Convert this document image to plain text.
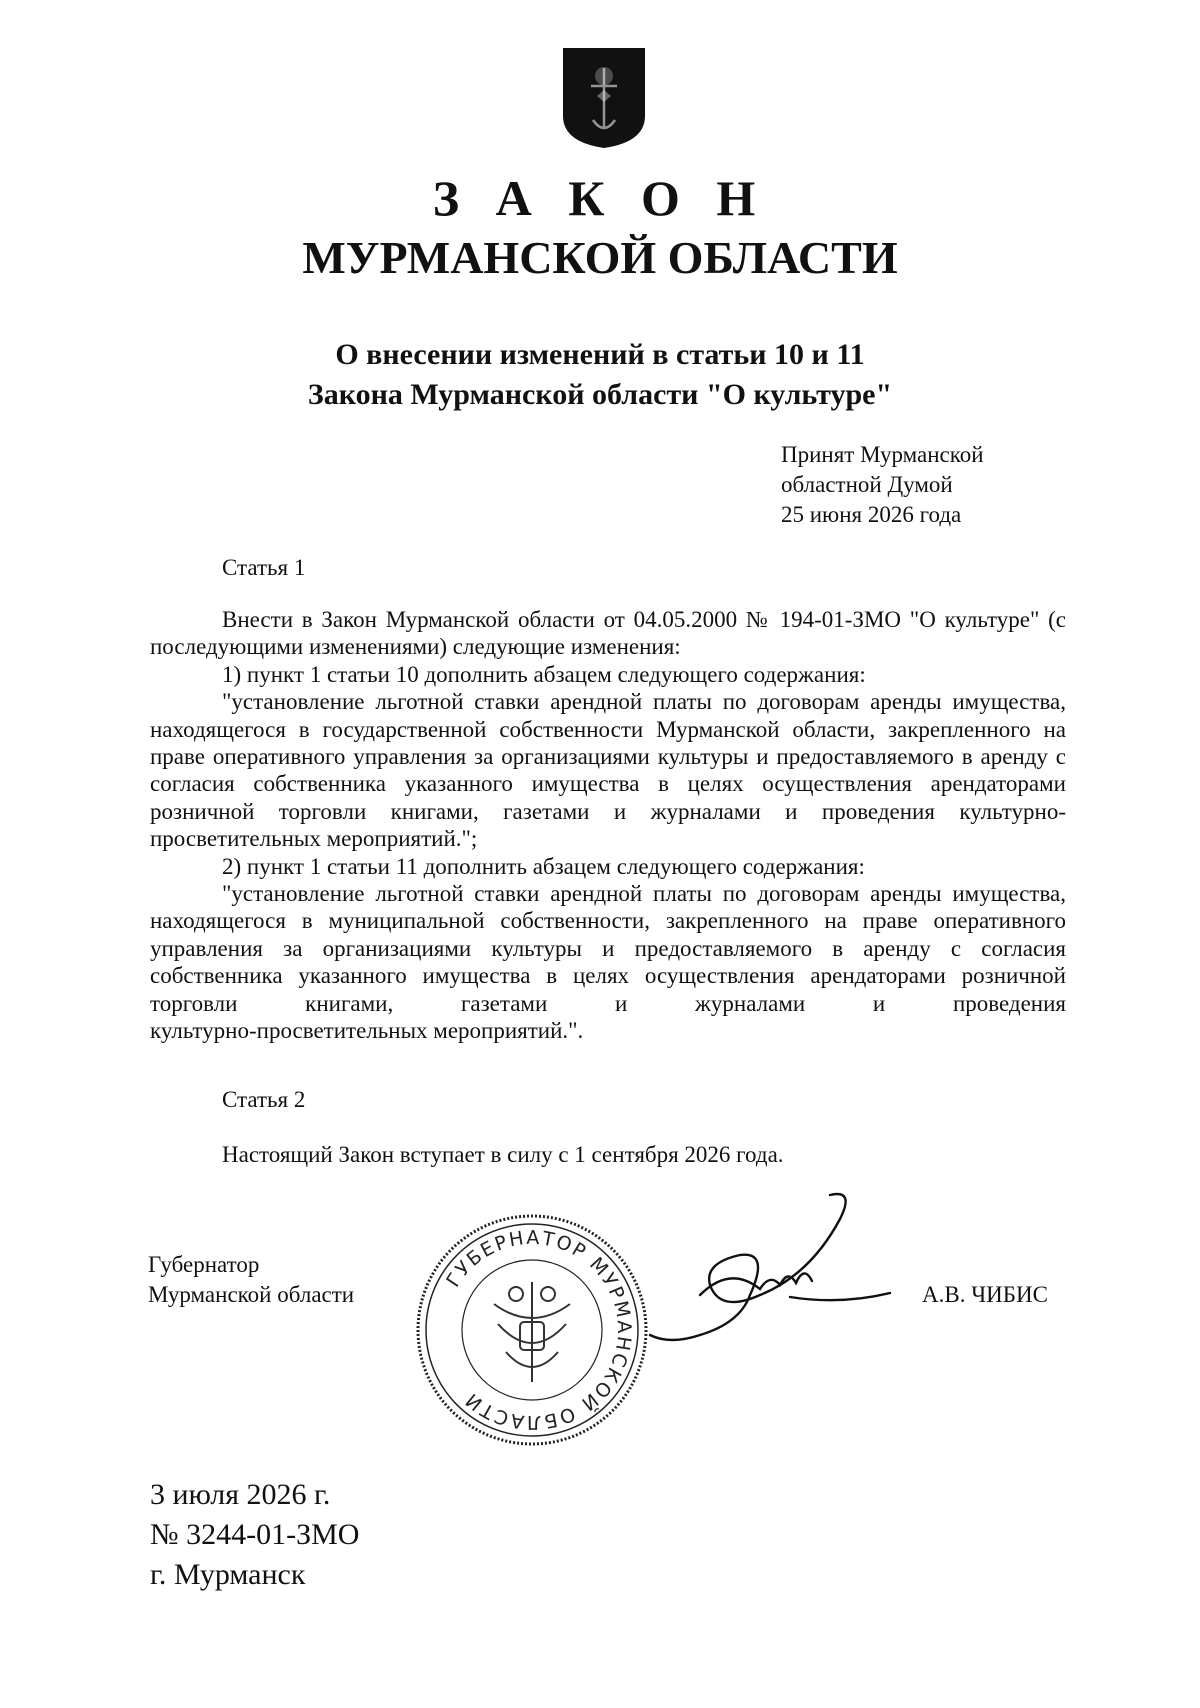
З А К О Н
МУРМАНСКОЙ ОБЛАСТИ
О внесении изменений в статьи 10 и 11
Закона Мурманской области "О культуре"
Принят Мурманской
областной Думой
25 июня 2026 года
Статья 1

Внести в Закон Мурманской области от 04.05.2000 № 194-01-ЗМО "О культуре" (с последующими изменениями) следующие изменения:

1) пункт 1 статьи 10 дополнить абзацем следующего содержания:

"установление льготной ставки арендной платы по договорам аренды имущества, находящегося в государственной собственности Мурманской области, закрепленного на праве оперативного управления за организациями культуры и предоставляемого в аренду с согласия собственника указанного имущества в целях осуществления арендаторами розничной торговли книгами, газетами и журналами и проведения культурно-просветительных мероприятий.";

2) пункт 1 статьи 11 дополнить абзацем следующего содержания:

"установление льготной ставки арендной платы по договорам аренды имущества, находящегося в муниципальной собственности, закрепленного на праве оперативного управления за организациями культуры и предоставляемого в аренду с согласия собственника указанного имущества в целях осуществления арендаторами розничной торговли книгами, газетами и журналами и проведения

культурно-просветительных мероприятий.".

Статья 2
Настоящий Закон вступает в силу с 1 сентября 2026 года.
Губернатор
Мурманской области
ГУБЕРНАТОР МУРМАНСКОЙ ОБЛАСТИ
А.В. ЧИБИС
3 июля 2026 г.
№ 3244-01-ЗМО
г. Мурманск
